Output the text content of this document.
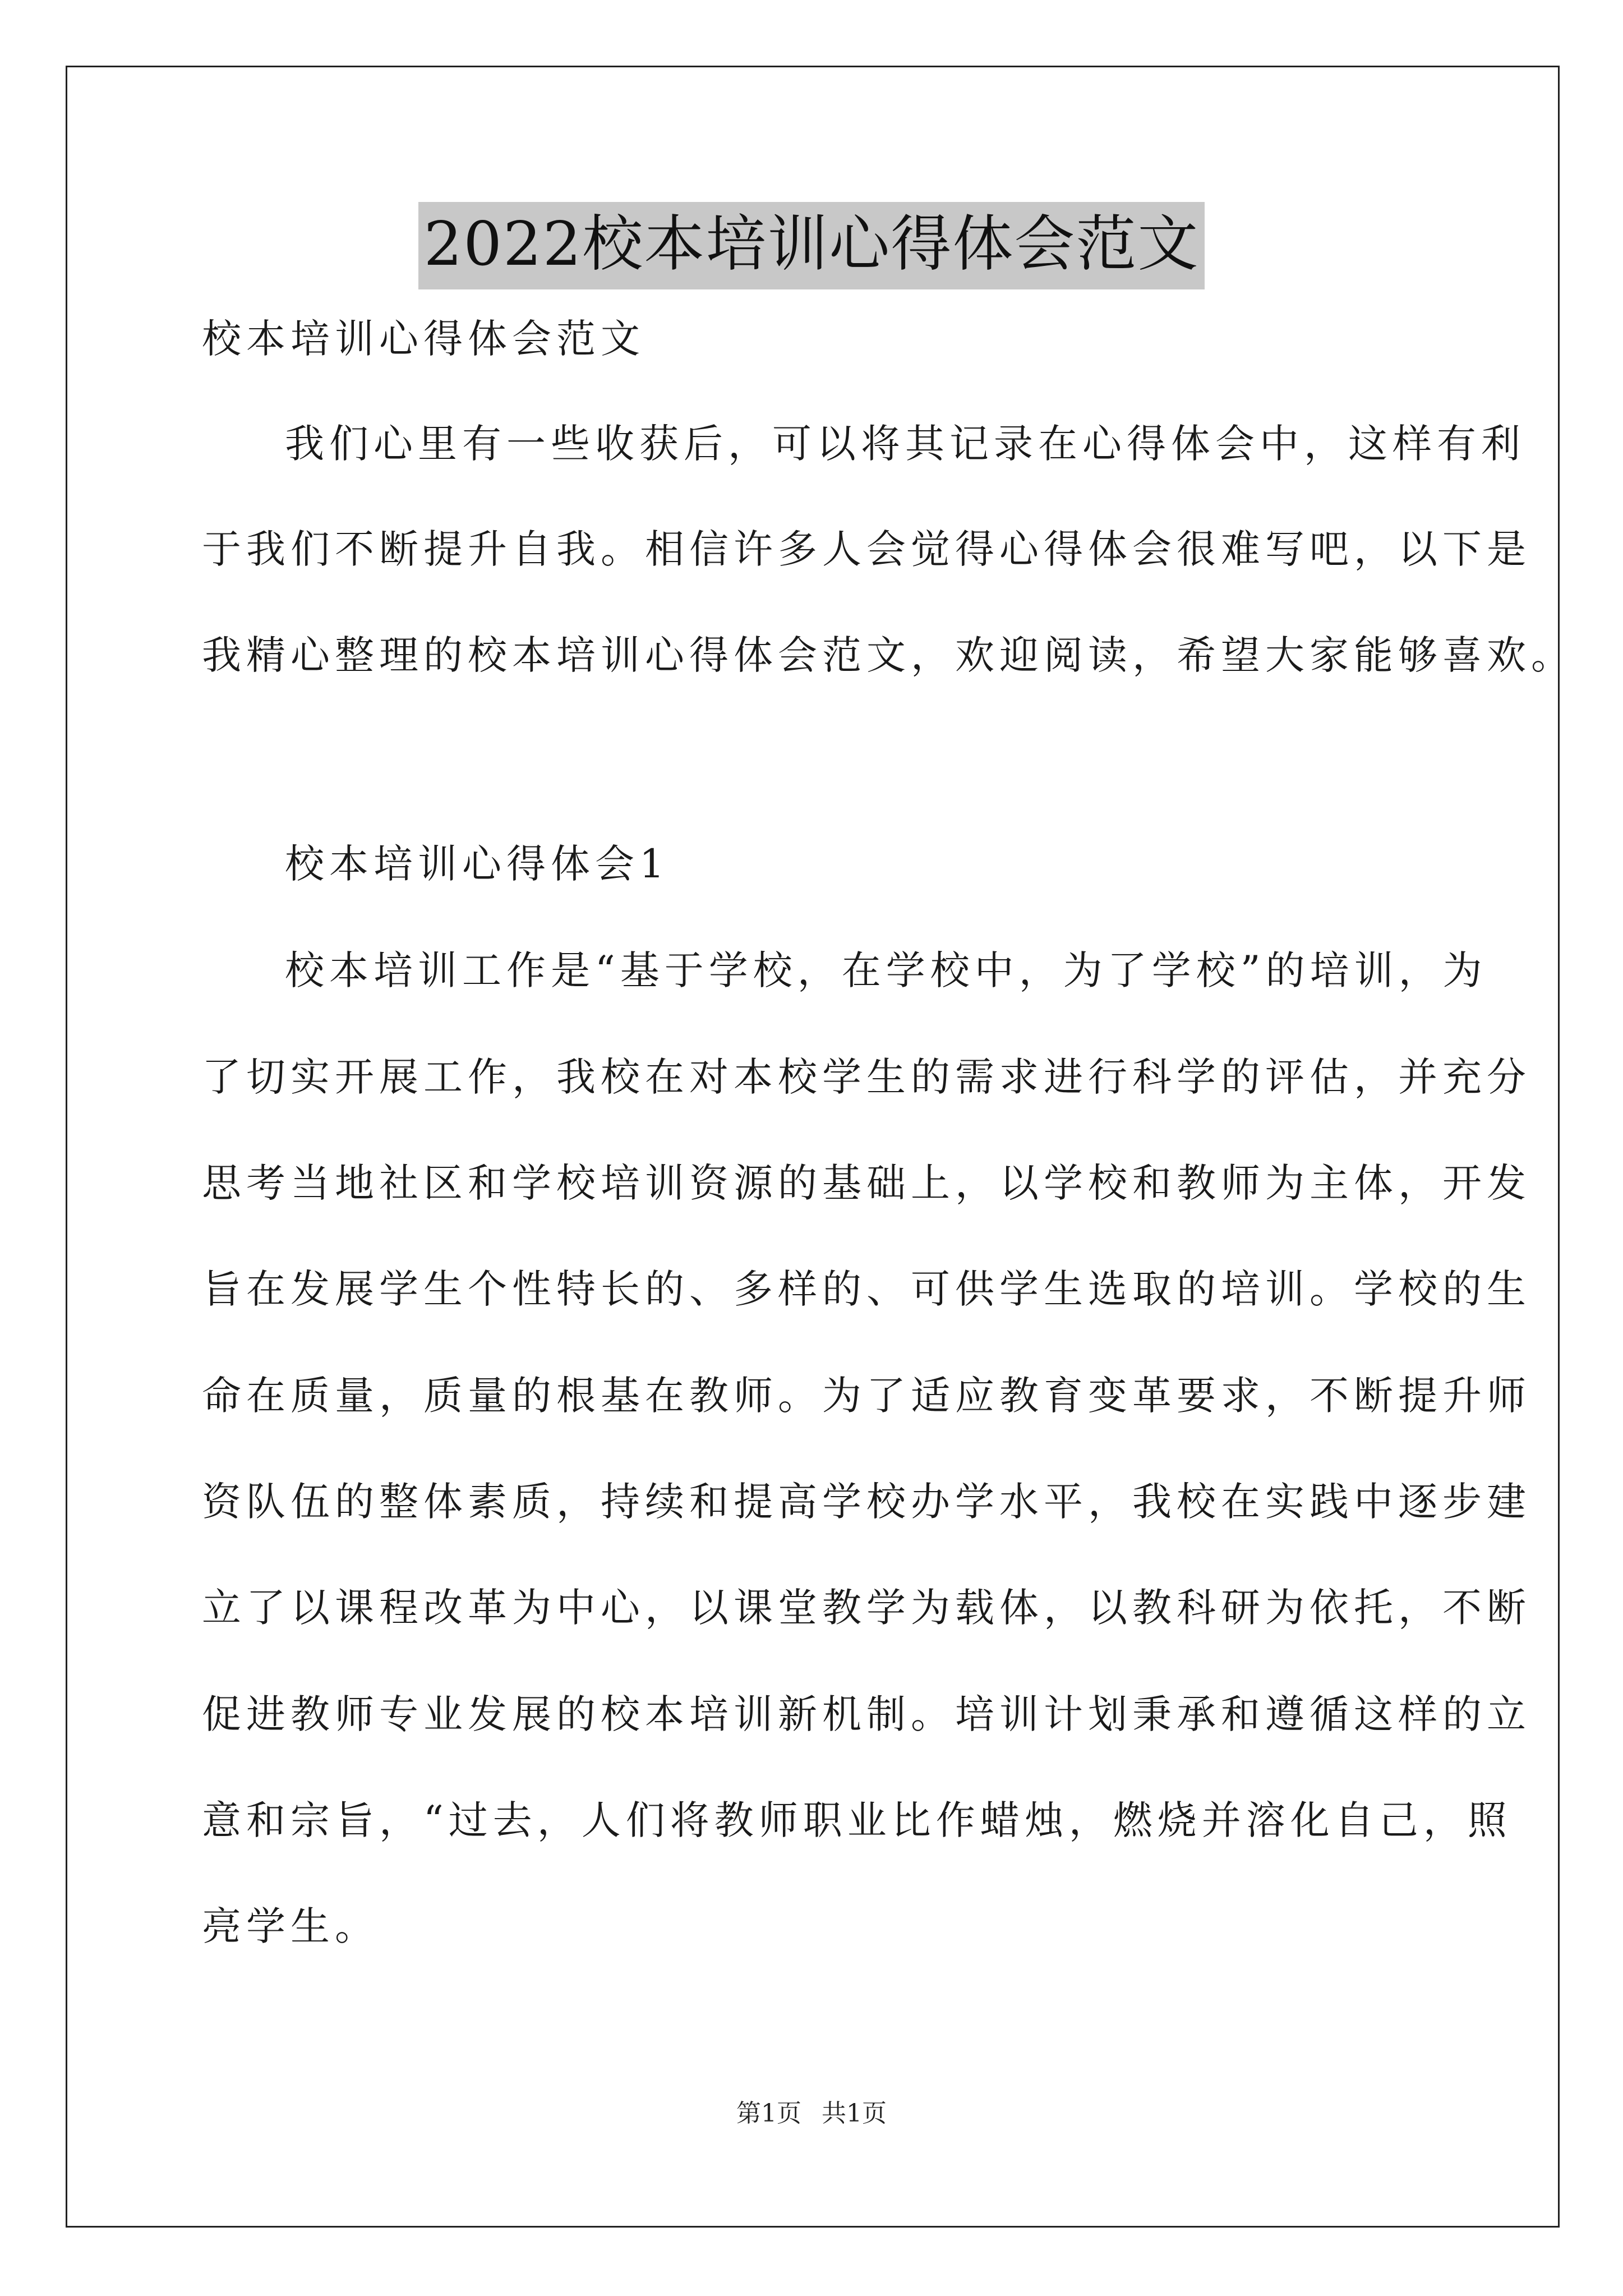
2022校本培训心得体会范文
校本培训心得体会范文
我们心里有一些收获后，可以将其记录在心得体会中，这样有利
于我们不断提升自我。相信许多人会觉得心得体会很难写吧，以下是
我精心整理的校本培训心得体会范文，欢迎阅读，希望大家能够喜欢。
校本培训心得体会1
校本培训工作是“基于学校，在学校中，为了学校”的培训，为
了切实开展工作，我校在对本校学生的需求进行科学的评估，并充分
思考当地社区和学校培训资源的基础上，以学校和教师为主体，开发
旨在发展学生个性特长的、多样的、可供学生选取的培训。学校的生
命在质量，质量的根基在教师。为了适应教育变革要求，不断提升师
资队伍的整体素质，持续和提高学校办学水平，我校在实践中逐步建
立了以课程改革为中心，以课堂教学为载体，以教科研为依托，不断
促进教师专业发展的校本培训新机制。培训计划秉承和遵循这样的立
意和宗旨，“过去，人们将教师职业比作蜡烛，燃烧并溶化自己，照
亮学生。
第1页 共1页
